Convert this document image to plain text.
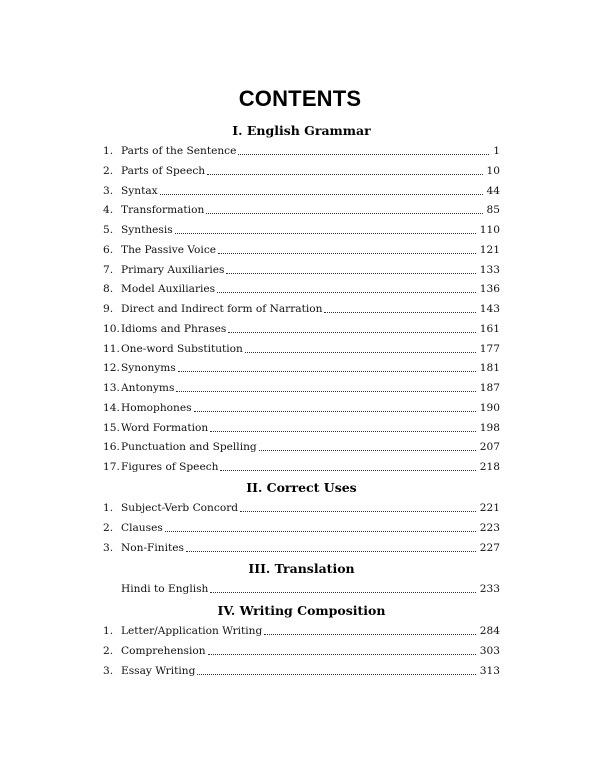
CONTENTS
I. English Grammar
1. Parts of the Sentence	1
2. Parts of Speech	10
3. Syntax	44
4. Transformation	85
5. Synthesis	110
6. The Passive Voice	121
7. Primary Auxiliaries	133
8. Model Auxiliaries	136
9. Direct and Indirect form of Narration	143
10. Idioms and Phrases	161
11. One-word Substitution	177
12. Synonyms	181
13. Antonyms	187
14. Homophones	190
15. Word Formation	198
16. Punctuation and Spelling	207
17. Figures of Speech	218
II. Correct Uses
1. Subject-Verb Concord	221
2. Clauses	223
3. Non-Finites	227
III. Translation
Hindi to English	233
IV. Writing Composition
1. Letter/Application Writing	284
2. Comprehension	303
3. Essay Writing	313
